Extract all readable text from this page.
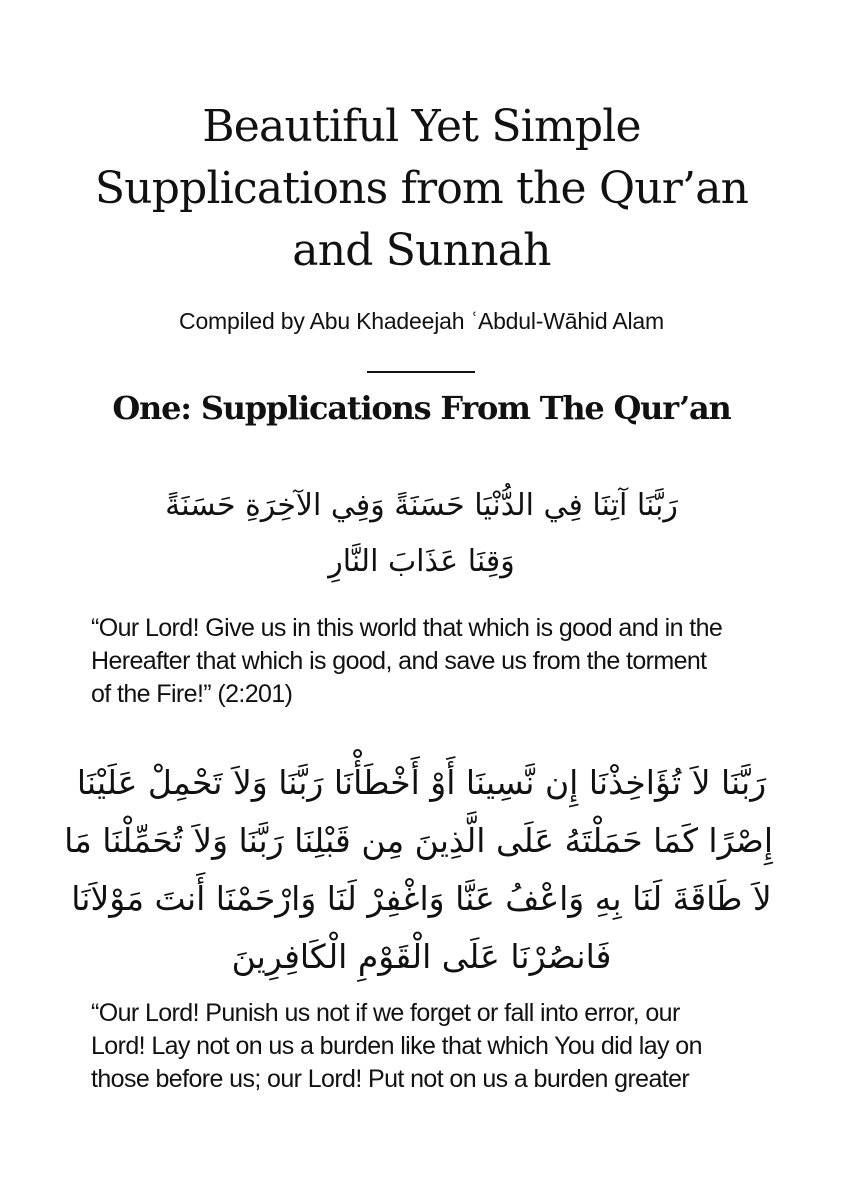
Beautiful Yet Simple
Supplications from the Qur’an
and Sunnah

Compiled by Abu Khadeejah ʿAbdul-Wāhid Alam

One: Supplications From The Qur’an

رَبَّنَا آتِنَا فِي الدُّنْيَا حَسَنَةً وَفِي الآخِرَةِ حَسَنَةً
وَقِنَا عَذَابَ النَّارِ

“Our Lord! Give us in this world that which is good and in the
Hereafter that which is good, and save us from the torment
of the Fire!” (2:201)

رَبَّنَا لاَ تُؤَاخِذْنَا إِن نَّسِينَا أَوْ أَخْطَأْنَا رَبَّنَا وَلاَ تَحْمِلْ عَلَيْنَا
إِصْرًا كَمَا حَمَلْتَهُ عَلَى الَّذِينَ مِن قَبْلِنَا رَبَّنَا وَلاَ تُحَمِّلْنَا مَا
لاَ طَاقَةَ لَنَا بِهِ وَاعْفُ عَنَّا وَاغْفِرْ لَنَا وَارْحَمْنَا أَنتَ مَوْلاَنَا
فَانصُرْنَا عَلَى الْقَوْمِ الْكَافِرِينَ

“Our Lord! Punish us not if we forget or fall into error, our
Lord! Lay not on us a burden like that which You did lay on
those before us; our Lord! Put not on us a burden greater
